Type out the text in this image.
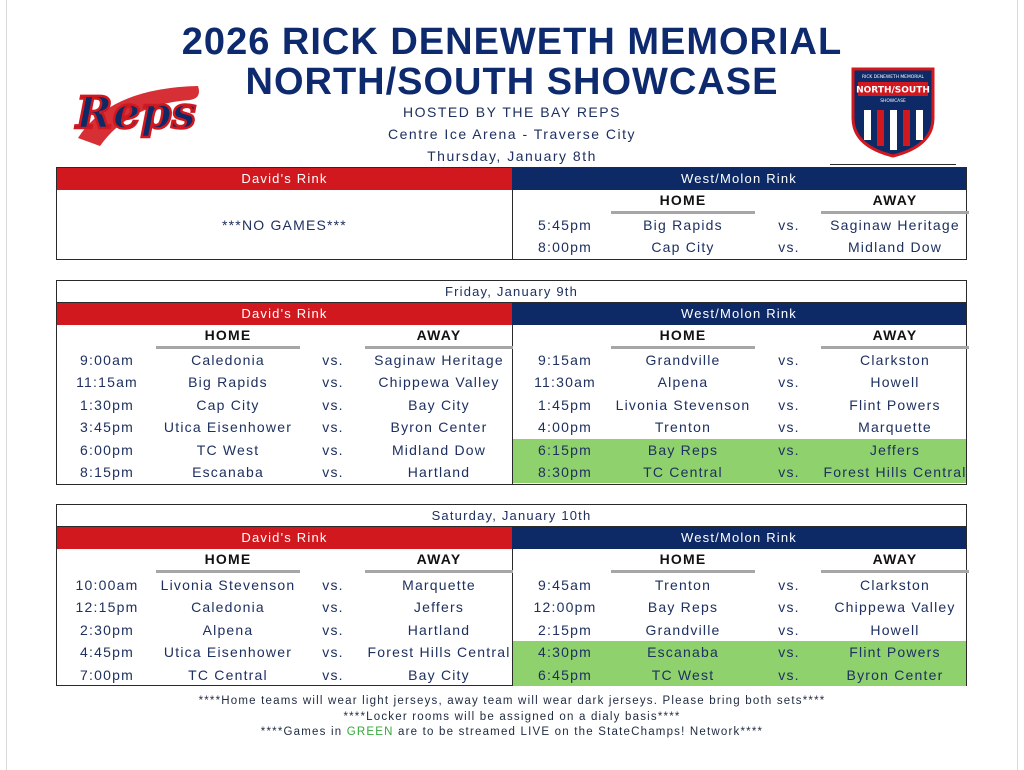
Reps
RICK DENEWETH MEMORIAL
NORTH/SOUTH
SHOWCASE
2026 RICK DENEWETH MEMORIAL
NORTH/SOUTH SHOWCASE
HOSTED BY THE BAY REPS
Centre Ice Arena - Traverse City
Thursday, January 8th
David's Rink	West/Molon Rink
***NO GAMES***
HOME	AWAY
5:45pm	Big Rapids	vs.	Saginaw Heritage
8:00pm	Cap City	vs.	Midland Dow
Friday, January 9th
David's Rink	West/Molon Rink
HOME	AWAY	HOME	AWAY
9:00am	Caledonia	vs.	Saginaw Heritage
11:15am	Big Rapids	vs.	Chippewa Valley
1:30pm	Cap City	vs.	Bay City
3:45pm	Utica Eisenhower	vs.	Byron Center
6:00pm	TC West	vs.	Midland Dow
8:15pm	Escanaba	vs.	Hartland
9:15am	Grandville	vs.	Clarkston
11:30am	Alpena	vs.	Howell
1:45pm	Livonia Stevenson	vs.	Flint Powers
4:00pm	Trenton	vs.	Marquette
6:15pm	Bay Reps	vs.	Jeffers
8:30pm	TC Central	vs.	Forest Hills Central
Saturday, January 10th
David's Rink	West/Molon Rink
HOME	AWAY	HOME	AWAY
10:00am	Livonia Stevenson	vs.	Marquette
12:15pm	Caledonia	vs.	Jeffers
2:30pm	Alpena	vs.	Hartland
4:45pm	Utica Eisenhower	vs.	Forest Hills Central
7:00pm	TC Central	vs.	Bay City
9:45am	Trenton	vs.	Clarkston
12:00pm	Bay Reps	vs.	Chippewa Valley
2:15pm	Grandville	vs.	Howell
4:30pm	Escanaba	vs.	Flint Powers
6:45pm	TC West	vs.	Byron Center
****Home teams will wear light jerseys, away team will wear dark jerseys. Please bring both sets****
****Locker rooms will be assigned on a dialy basis****
****Games in GREEN are to be streamed LIVE on the StateChamps! Network****
